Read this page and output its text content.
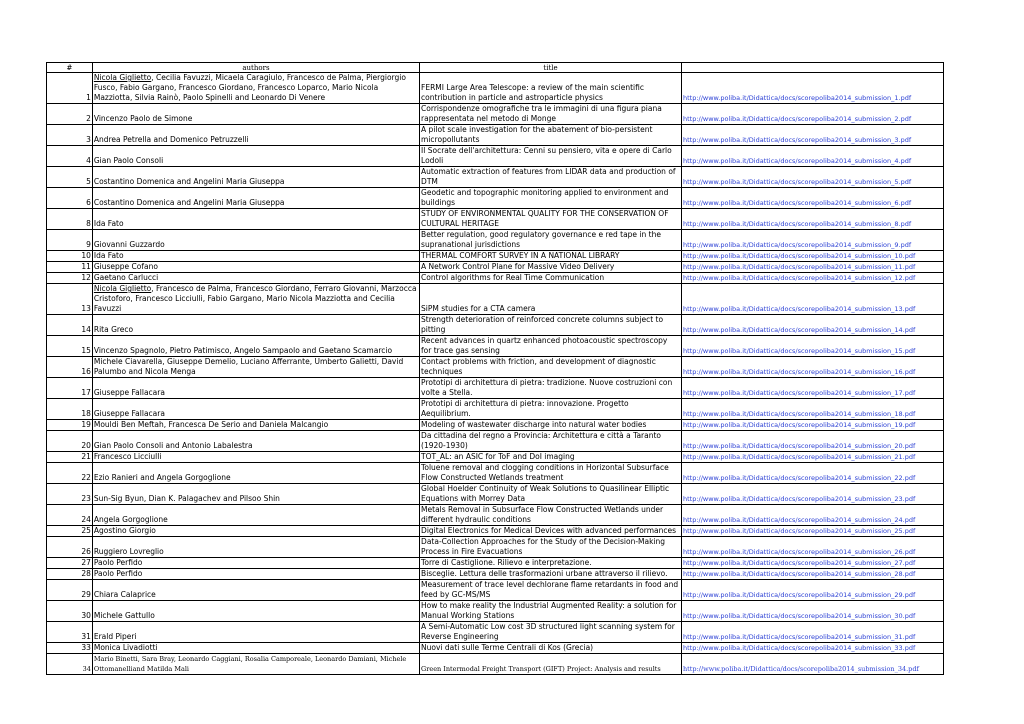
#	authors	title	
1	Nicola Giglietto, Cecilia Favuzzi, Micaela Caragiulo, Francesco de Palma, Piergiorgio Fusco, Fabio Gargano, Francesco Giordano, Francesco Loparco, Mario Nicola Mazziotta, Silvia Rainò, Paolo Spinelli and Leonardo Di Venere	FERMI Large Area Telescope: a review of the main scientific contribution in particle and astroparticle physics	http://www.poliba.it/Didattica/docs/scorepoliba2014_submission_1.pdf
2	Vincenzo Paolo de Simone	Corrispondenze omografiche tra le immagini di una figura piana rappresentata nel metodo di Monge	http://www.poliba.it/Didattica/docs/scorepoliba2014_submission_2.pdf
3	Andrea Petrella and Domenico Petruzzelli	A pilot scale investigation for the abatement of bio-persistent micropollutants	http://www.poliba.it/Didattica/docs/scorepoliba2014_submission_3.pdf
4	Gian Paolo Consoli	Il Socrate dell'architettura: Cenni su pensiero, vita e opere di Carlo Lodoli	http://www.poliba.it/Didattica/docs/scorepoliba2014_submission_4.pdf
5	Costantino Domenica and Angelini Maria Giuseppa	Automatic extraction of features from LIDAR data and production of DTM	http://www.poliba.it/Didattica/docs/scorepoliba2014_submission_5.pdf
6	Costantino Domenica and Angelini Maria Giuseppa	Geodetic and topographic monitoring applied to environment and buildings	http://www.poliba.it/Didattica/docs/scorepoliba2014_submission_6.pdf
8	Ida Fato	STUDY OF ENVIRONMENTAL QUALITY FOR THE CONSERVATION OF CULTURAL HERITAGE	http://www.poliba.it/Didattica/docs/scorepoliba2014_submission_8.pdf
9	Giovanni Guzzardo	Better regulation, good regulatory governance e red tape in the supranational jurisdictions	http://www.poliba.it/Didattica/docs/scorepoliba2014_submission_9.pdf
10	Ida Fato	THERMAL COMFORT SURVEY IN A NATIONAL LIBRARY	http://www.poliba.it/Didattica/docs/scorepoliba2014_submission_10.pdf
11	Giuseppe Cofano	A Network Control Plane for Massive Video Delivery	http://www.poliba.it/Didattica/docs/scorepoliba2014_submission_11.pdf
12	Gaetano Carlucci	Control algorithms for Real Time Communication	http://www.poliba.it/Didattica/docs/scorepoliba2014_submission_12.pdf
13	Nicola Giglietto, Francesco de Palma, Francesco Giordano, Ferraro Giovanni, Marzocca Cristoforo, Francesco Licciulli, Fabio Gargano, Mario Nicola Mazziotta and Cecilia Favuzzi	SiPM studies for a CTA camera	http://www.poliba.it/Didattica/docs/scorepoliba2014_submission_13.pdf
14	Rita Greco	Strength deterioration of reinforced concrete columns subject to pitting	http://www.poliba.it/Didattica/docs/scorepoliba2014_submission_14.pdf
15	Vincenzo Spagnolo, Pietro Patimisco, Angelo Sampaolo and Gaetano Scamarcio	Recent advances in quartz enhanced photoacoustic spectroscopy for trace gas sensing	http://www.poliba.it/Didattica/docs/scorepoliba2014_submission_15.pdf
16	Michele Ciavarella, Giuseppe Demelio, Luciano Afferrante, Umberto Galietti, David Palumbo and Nicola Menga	Contact problems with friction, and development of diagnostic techniques	http://www.poliba.it/Didattica/docs/scorepoliba2014_submission_16.pdf
17	Giuseppe Fallacara	Prototipi di architettura di pietra: tradizione. Nuove costruzioni con volte a Stella.	http://www.poliba.it/Didattica/docs/scorepoliba2014_submission_17.pdf
18	Giuseppe Fallacara	Prototipi di architettura di pietra: innovazione. Progetto Aequilibrium.	http://www.poliba.it/Didattica/docs/scorepoliba2014_submission_18.pdf
19	Mouldi Ben Meftah, Francesca De Serio and Daniela Malcangio	Modeling of wastewater discharge into natural water bodies	http://www.poliba.it/Didattica/docs/scorepoliba2014_submission_19.pdf
20	Gian Paolo Consoli and Antonio Labalestra	Da cittadina del regno a Provincia: Architettura e città a Taranto (1920-1930)	http://www.poliba.it/Didattica/docs/scorepoliba2014_submission_20.pdf
21	Francesco Licciulli	TOT_AL: an ASIC for ToF and DoI imaging	http://www.poliba.it/Didattica/docs/scorepoliba2014_submission_21.pdf
22	Ezio Ranieri and Angela Gorgoglione	Toluene removal and clogging conditions in Horizontal Subsurface Flow Constructed Wetlands treatment	http://www.poliba.it/Didattica/docs/scorepoliba2014_submission_22.pdf
23	Sun-Sig Byun, Dian K. Palagachev and Pilsoo Shin	Global Hoelder Continuity of Weak Solutions to Quasilinear Elliptic Equations with Morrey Data	http://www.poliba.it/Didattica/docs/scorepoliba2014_submission_23.pdf
24	Angela Gorgoglione	Metals Removal in Subsurface Flow Constructed Wetlands under different hydraulic conditions	http://www.poliba.it/Didattica/docs/scorepoliba2014_submission_24.pdf
25	Agostino Giorgio	Digital Electronics for Medical Devices with advanced performances	http://www.poliba.it/Didattica/docs/scorepoliba2014_submission_25.pdf
26	Ruggiero Lovreglio	Data-Collection Approaches for the Study of the Decision-Making Process in Fire Evacuations	http://www.poliba.it/Didattica/docs/scorepoliba2014_submission_26.pdf
27	Paolo Perfido	Torre di Castiglione. Rilievo e interpretazione.	http://www.poliba.it/Didattica/docs/scorepoliba2014_submission_27.pdf
28	Paolo Perfido	Bisceglie. Lettura delle trasformazioni urbane attraverso il rilievo.	http://www.poliba.it/Didattica/docs/scorepoliba2014_submission_28.pdf
29	Chiara Calaprice	Measurement of trace level dechlorane flame retardants in food and feed by GC-MS/MS	http://www.poliba.it/Didattica/docs/scorepoliba2014_submission_29.pdf
30	Michele Gattullo	How to make reality the Industrial Augmented Reality: a solution for Manual Working Stations	http://www.poliba.it/Didattica/docs/scorepoliba2014_submission_30.pdf
31	Erald Piperi	A Semi-Automatic Low cost 3D structured light scanning system for Reverse Engineering	http://www.poliba.it/Didattica/docs/scorepoliba2014_submission_31.pdf
33	Monica Livadiotti	Nuovi dati sulle Terme Centrali di Kos (Grecia)	http://www.poliba.it/Didattica/docs/scorepoliba2014_submission_33.pdf
34	Mario Binetti, Sara Bray, Leonardo Caggiani, Rosalia Camporeale, Leonardo Damiani, Michele Ottomanelliand Matilda Mali	Green Intermodal Freight Transport (GIFT) Project: Analysis and results	http://www.poliba.it/Didattica/docs/scorepoliba2014_submission_34.pdf
